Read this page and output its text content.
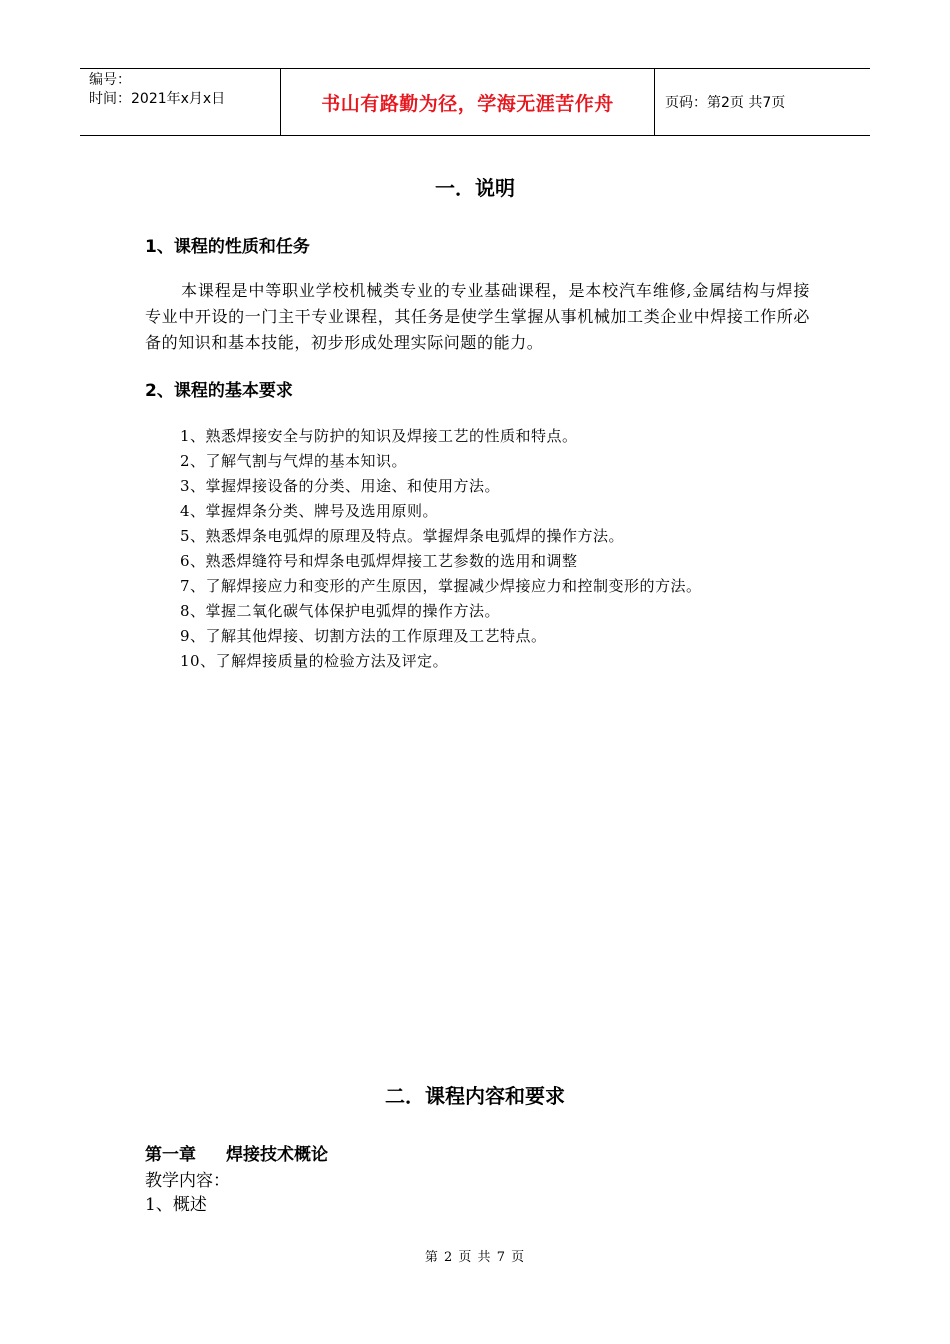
编号：
时间：2021年x月x日	书山有路勤为径，学海无涯苦作舟	页码：第2页 共7页
一．说明
1、课程的性质和任务
本课程是中等职业学校机械类专业的专业基础课程，是本校汽车维修,金属结构与焊接专业中开设的一门主干专业课程，其任务是使学生掌握从事机械加工类企业中焊接工作所必备的知识和基本技能，初步形成处理实际问题的能力。
2、课程的基本要求
1、熟悉焊接安全与防护的知识及焊接工艺的性质和特点。
2、了解气割与气焊的基本知识。
3、掌握焊接设备的分类、用途、和使用方法。
4、掌握焊条分类、牌号及选用原则。
5、熟悉焊条电弧焊的原理及特点。掌握焊条电弧焊的操作方法。
6、熟悉焊缝符号和焊条电弧焊焊接工艺参数的选用和调整
7、了解焊接应力和变形的产生原因，掌握减少焊接应力和控制变形的方法。
8、掌握二氧化碳气体保护电弧焊的操作方法。
9、了解其他焊接、切割方法的工作原理及工艺特点。
10、了解焊接质量的检验方法及评定。
二．课程内容和要求
第一章 焊接技术概论
教学内容：
1、概述
第 2 页 共 7 页
